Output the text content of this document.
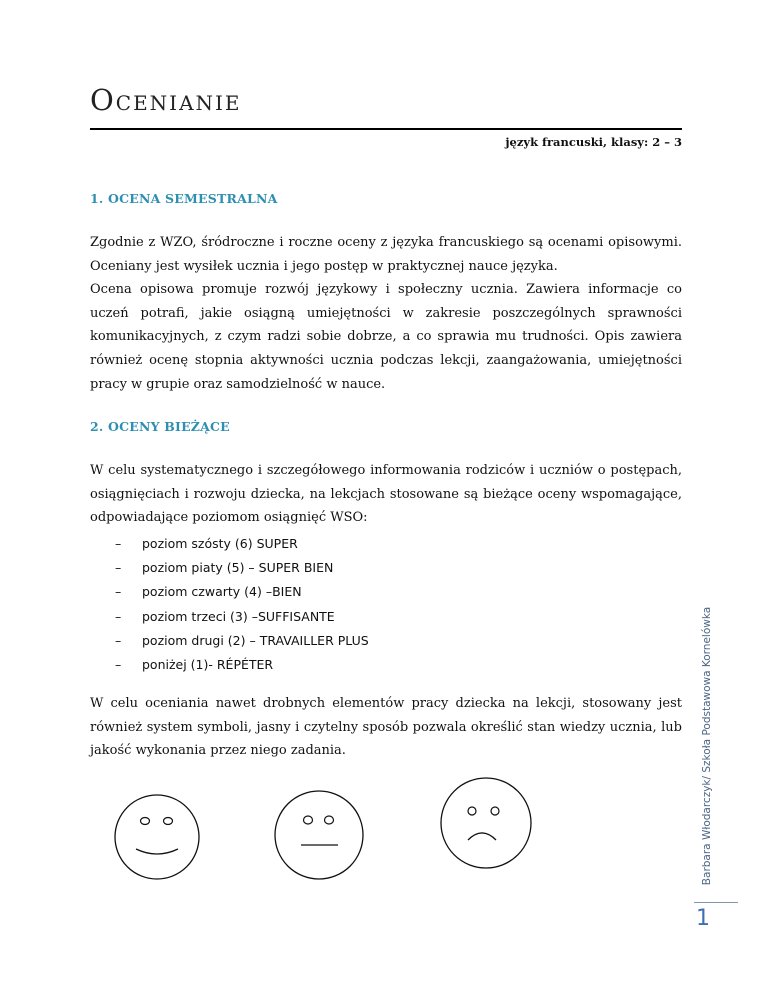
Ocenianie

język francuski, klasy: 2 – 3

1. OCENA SEMESTRALNA

Zgodnie z WZO, śródroczne i roczne oceny z języka francuskiego są ocenami opisowymi. Oceniany jest wysiłek ucznia i jego postęp w praktycznej nauce języka.

Ocena opisowa promuje rozwój językowy i społeczny ucznia. Zawiera informacje co uczeń potrafi, jakie osiągną umiejętności w zakresie poszczególnych sprawności komunikacyjnych, z czym radzi sobie dobrze, a co sprawia mu trudności. Opis zawiera również ocenę stopnia aktywności ucznia podczas lekcji, zaangażowania, umiejętności pracy w grupie oraz samodzielność w nauce.

2. OCENY BIEŻĄCE

W celu systematycznego i szczegółowego informowania rodziców i uczniów o postępach, osiągnięciach i rozwoju dziecka, na lekcjach stosowane są bieżące oceny wspomagające, odpowiadające poziomom osiągnięć WSO:

–	poziom szósty (6) SUPER
–	poziom piaty (5) – SUPER BIEN
–	poziom czwarty (4) –BIEN
–	poziom trzeci (3) –SUFFISANTE
–	poziom drugi (2) – TRAVAILLER PLUS
–	poniżej (1)- RÉPÉTER

W celu oceniania nawet drobnych elementów pracy dziecka na lekcji, stosowany jest również system symboli, jasny i czytelny sposób pozwala określić stan wiedzy ucznia, lub jakość wykonania przez niego zadania.	Barbara Włodarczyk/ Szkoła Podstawowa Kornelówka
1
